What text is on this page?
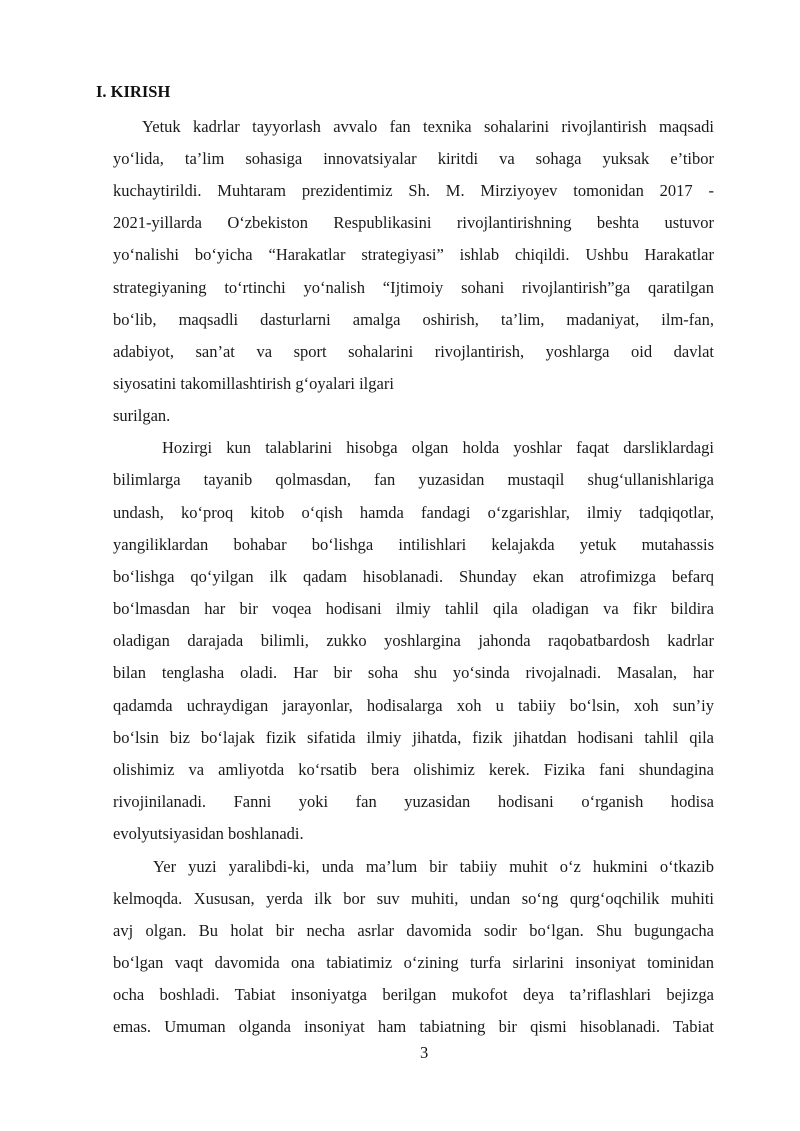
I. KIRISH
Yetuk kadrlar tayyorlash avvalo fan texnika sohalarini rivojlantirish maqsadi
yo‘lida, ta’lim sohasiga innovatsiyalar kiritdi va sohaga yuksak e’tibor
kuchaytirildi. Muhtaram prezidentimiz Sh. M. Mirziyoyev tomonidan 2017 -
2021-yillarda O‘zbekiston Respublikasini rivojlantirishning beshta ustuvor
yo‘nalishi bo‘yicha “Harakatlar strategiyasi” ishlab chiqildi. Ushbu Harakatlar
strategiyaning to‘rtinchi yo‘nalish “Ijtimoiy sohani rivojlantirish”ga qaratilgan
bo‘lib, maqsadli dasturlarni amalga oshirish, ta’lim, madaniyat, ilm-fan,
adabiyot, san’at va sport sohalarini rivojlantirish, yoshlarga oid davlat
siyosatini takomillashtirish g‘oyalari ilgari
surilgan.
Hozirgi kun talablarini hisobga olgan holda yoshlar faqat darsliklardagi
bilimlarga tayanib qolmasdan, fan yuzasidan mustaqil shug‘ullanishlariga
undash, ko‘proq kitob o‘qish hamda fandagi o‘zgarishlar, ilmiy tadqiqotlar,
yangiliklardan bohabar bo‘lishga intilishlari kelajakda yetuk mutahassis
bo‘lishga qo‘yilgan ilk qadam hisoblanadi. Shunday ekan atrofimizga befarq
bo‘lmasdan har bir voqea hodisani ilmiy tahlil qila oladigan va fikr bildira
oladigan darajada bilimli, zukko yoshlargina jahonda raqobatbardosh kadrlar
bilan tenglasha oladi. Har bir soha shu yo‘sinda rivojalnadi. Masalan, har
qadamda uchraydigan jarayonlar, hodisalarga xoh u tabiiy bo‘lsin, xoh sun’iy
bo‘lsin biz bo‘lajak fizik sifatida ilmiy jihatda, fizik jihatdan hodisani tahlil qila
olishimiz va amliyotda ko‘rsatib bera olishimiz kerek. Fizika fani shundagina
rivojinilanadi. Fanni yoki fan yuzasidan hodisani o‘rganish hodisa
evolyutsiyasidan boshlanadi.
Yer yuzi yaralibdi-ki, unda ma’lum bir tabiiy muhit o‘z hukmini o‘tkazib
kelmoqda. Xususan, yerda ilk bor suv muhiti, undan so‘ng qurg‘oqchilik muhiti
avj olgan. Bu holat bir necha asrlar davomida sodir bo‘lgan. Shu bugungacha
bo‘lgan vaqt davomida ona tabiatimiz o‘zining turfa sirlarini insoniyat tominidan
ocha boshladi. Tabiat insoniyatga berilgan mukofot deya ta’riflashlari bejizga
emas. Umuman olganda insoniyat ham tabiatning bir qismi hisoblanadi. Tabiat
3
